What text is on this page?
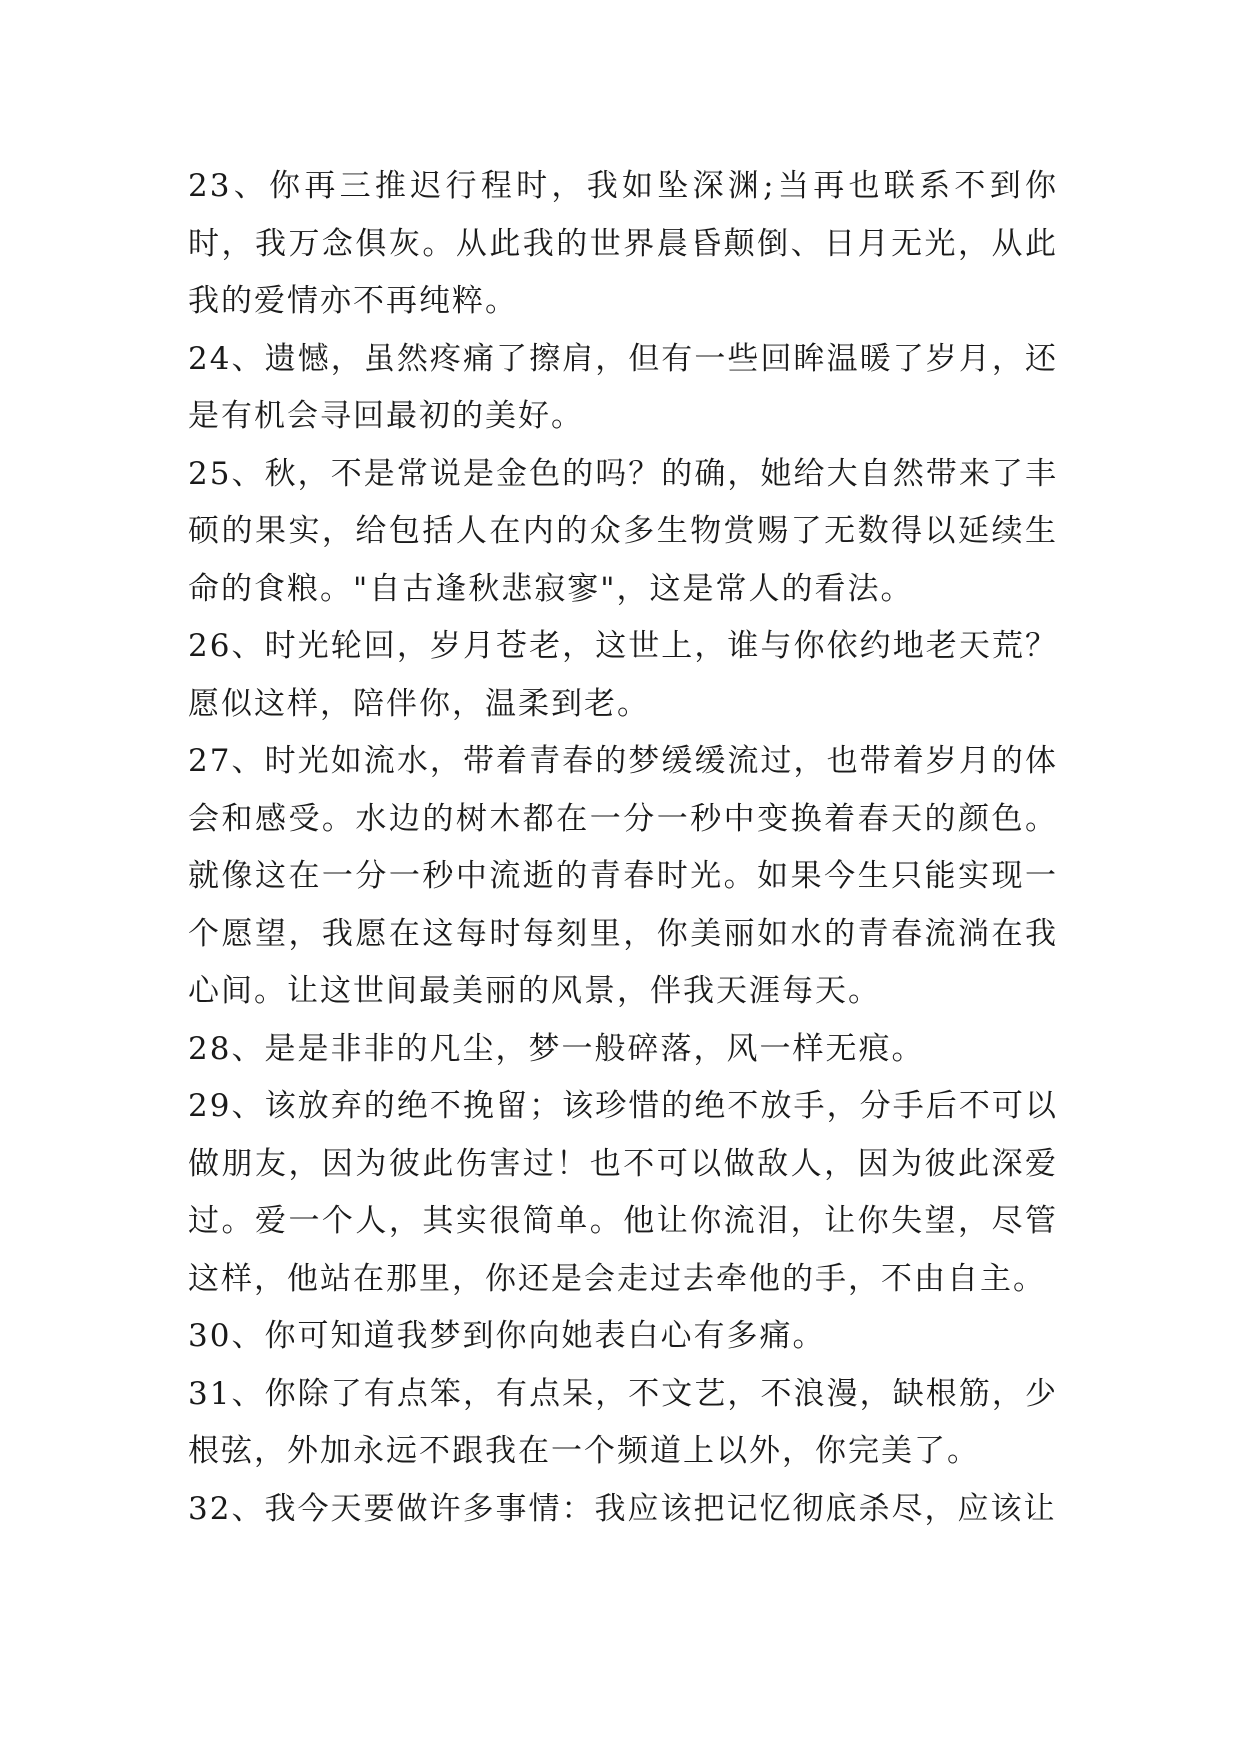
23、你再三推迟行程时，我如坠深渊;当再也联系不到你时，我万念俱灰。从此我的世界晨昏颠倒、日月无光，从此我的爱情亦不再纯粹。

24、遗憾，虽然疼痛了擦肩，但有一些回眸温暖了岁月，还是有机会寻回最初的美好。

25、秋，不是常说是金色的吗？的确，她给大自然带来了丰硕的果实，给包括人在内的众多生物赏赐了无数得以延续生命的食粮。"自古逢秋悲寂寥"，这是常人的看法。

26、时光轮回，岁月苍老，这世上，谁与你依约地老天荒？愿似这样，陪伴你，温柔到老。

27、时光如流水，带着青春的梦缓缓流过，也带着岁月的体会和感受。水边的树木都在一分一秒中变换着春天的颜色。就像这在一分一秒中流逝的青春时光。如果今生只能实现一个愿望，我愿在这每时每刻里，你美丽如水的青春流淌在我心间。让这世间最美丽的风景，伴我天涯每天。

28、是是非非的凡尘，梦一般碎落，风一样无痕。

29、该放弃的绝不挽留；该珍惜的绝不放手，分手后不可以做朋友，因为彼此伤害过！也不可以做敌人，因为彼此深爱过。爱一个人，其实很简单。他让你流泪，让你失望，尽管这样，他站在那里，你还是会走过去牵他的手，不由自主。

30、你可知道我梦到你向她表白心有多痛。

31、你除了有点笨，有点呆，不文艺，不浪漫，缺根筋，少根弦，外加永远不跟我在一个频道上以外，你完美了。

32、我今天要做许多事情：我应该把记忆彻底杀尽，应该让
